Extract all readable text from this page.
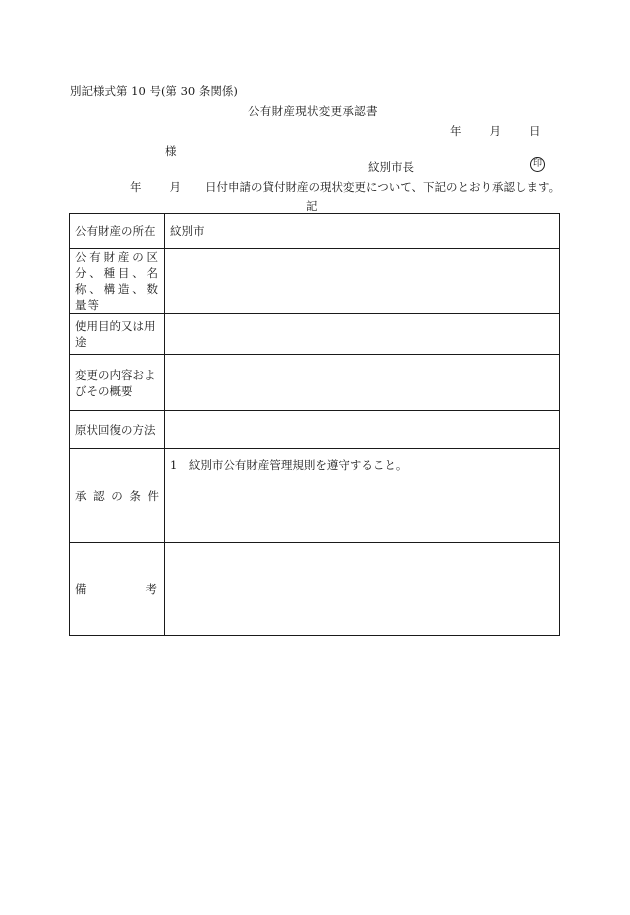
別記様式第 10 号(第 30 条関係)
公有財産現状変更承認書
年 月 日
様
紋別市長	印
年 月 日付申請の貸付財産の現状変更について、下記のとおり承認します。
記
公有財産の所在	紋別市

公有財産の区分、種目、名称、構造、数量等	

使用目的又は用途	
変更の内容およびその概要	
原状回復の方法	

承 認 の 条 件	1　紋別市公有財産管理規則を遵守すること。

備 考	
